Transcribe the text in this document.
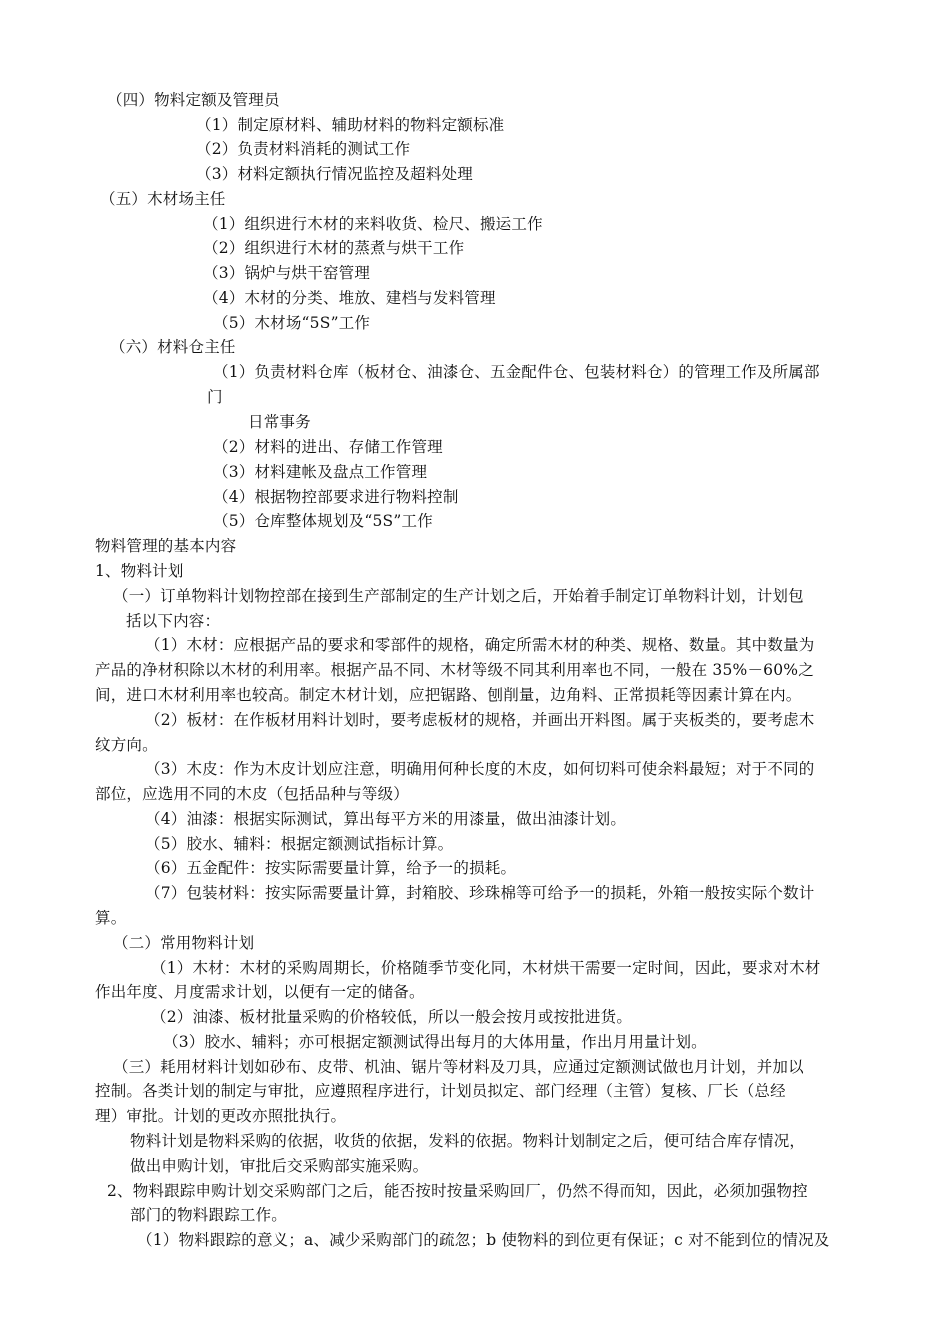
（四）物料定额及管理员
（1）制定原材料、辅助材料的物料定额标准
（2）负责材料消耗的测试工作
（3）材料定额执行情况监控及超料处理
（五）木材场主任
（1）组织进行木材的来料收货、检尺、搬运工作
（2）组织进行木材的蒸煮与烘干工作
（3）锅炉与烘干窑管理
（4）木材的分类、堆放、建档与发料管理
（5）木材场“5S”工作
（六）材料仓主任
（1）负责材料仓库（板材仓、油漆仓、五金配件仓、包装材料仓）的管理工作及所属部
门
日常事务
（2）材料的进出、存储工作管理
（3）材料建帐及盘点工作管理
（4）根据物控部要求进行物料控制
（5）仓库整体规划及“5S”工作
物料管理的基本内容
1、物料计划
（一）订单物料计划物控部在接到生产部制定的生产计划之后，开始着手制定订单物料计划，计划包
括以下内容：
（1）木材：应根据产品的要求和零部件的规格，确定所需木材的种类、规格、数量。其中数量为
产品的净材积除以木材的利用率。根据产品不同、木材等级不同其利用率也不同，一般在 35%－60%之
间，进口木材利用率也较高。制定木材计划，应把锯路、刨削量，边角料、正常损耗等因素计算在内。
（2）板材：在作板材用料计划时，要考虑板材的规格，并画出开料图。属于夹板类的，要考虑木
纹方向。
（3）木皮：作为木皮计划应注意，明确用何种长度的木皮，如何切料可使余料最短；对于不同的
部位，应选用不同的木皮（包括品种与等级）
（4）油漆：根据实际测试，算出每平方米的用漆量，做出油漆计划。
（5）胶水、辅料：根据定额测试指标计算。
（6）五金配件：按实际需要量计算，给予一的损耗。
（7）包装材料：按实际需要量计算，封箱胶、珍珠棉等可给予一的损耗，外箱一般按实际个数计
算。
（二）常用物料计划
（1）木材：木材的采购周期长，价格随季节变化同，木材烘干需要一定时间，因此，要求对木材
作出年度、月度需求计划，以便有一定的储备。
（2）油漆、板材批量采购的价格较低，所以一般会按月或按批进货。
（3）胶水、辅料；亦可根据定额测试得出每月的大体用量，作出月用量计划。
（三）耗用材料计划如砂布、皮带、机油、锯片等材料及刀具，应通过定额测试做也月计划，并加以
控制。各类计划的制定与审批，应遵照程序进行，计划员拟定、部门经理（主管）复核、厂长（总经
理）审批。计划的更改亦照批执行。
物料计划是物料采购的依据，收货的依据，发料的依据。物料计划制定之后，便可结合库存情况，
做出申购计划，审批后交采购部实施采购。
2、物料跟踪申购计划交采购部门之后，能否按时按量采购回厂，仍然不得而知，因此，必须加强物控
部门的物料跟踪工作。
（1）物料跟踪的意义；a、减少采购部门的疏忽；b 使物料的到位更有保证；c 对不能到位的情况及
